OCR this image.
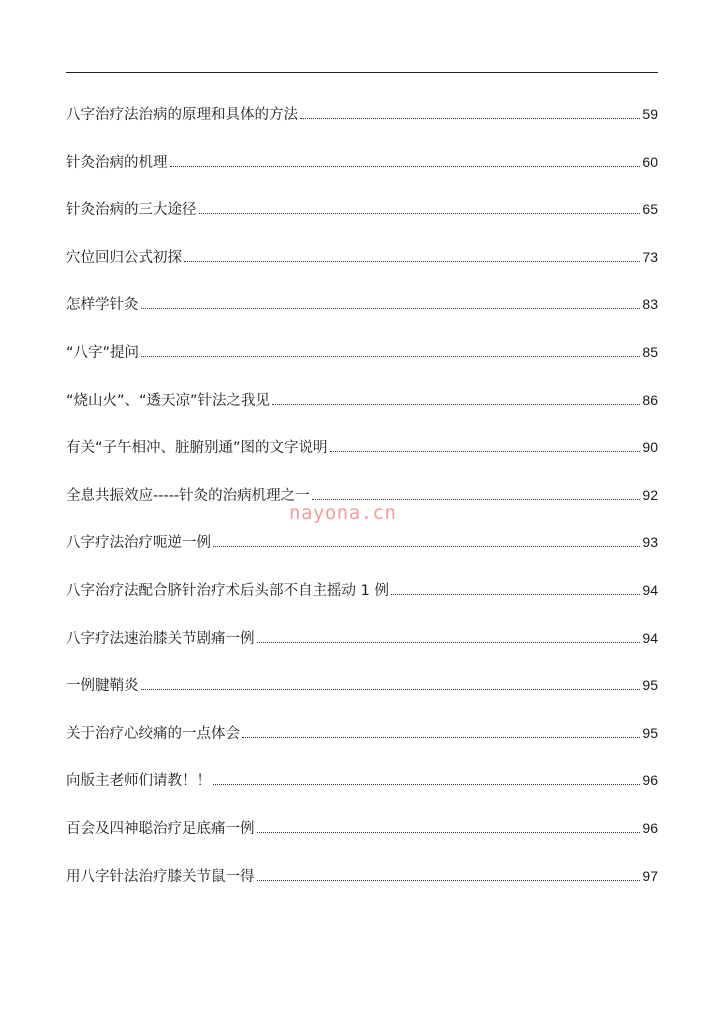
八字治疗法治病的原理和具体的方法	59
针灸治病的机理	60
针灸治病的三大途径	65
穴位回归公式初探	73
怎样学针灸	83
“八字”提问	85
“烧山火”、“透天凉”针法之我见	86
有关“子午相冲、脏腑别通”图的文字说明	90
全息共振效应-----针灸的治病机理之一	92
八字疗法治疗呃逆一例	93
八字治疗法配合脐针治疗术后头部不自主摇动 1 例	94
八字疗法速治膝关节剧痛一例	94
一例腱鞘炎	95
关于治疗心绞痛的一点体会	95
向版主老师们请教！！	96
百会及四神聪治疗足底痛一例	96
用八字针法治疗膝关节鼠一得	97
nayona.cn
